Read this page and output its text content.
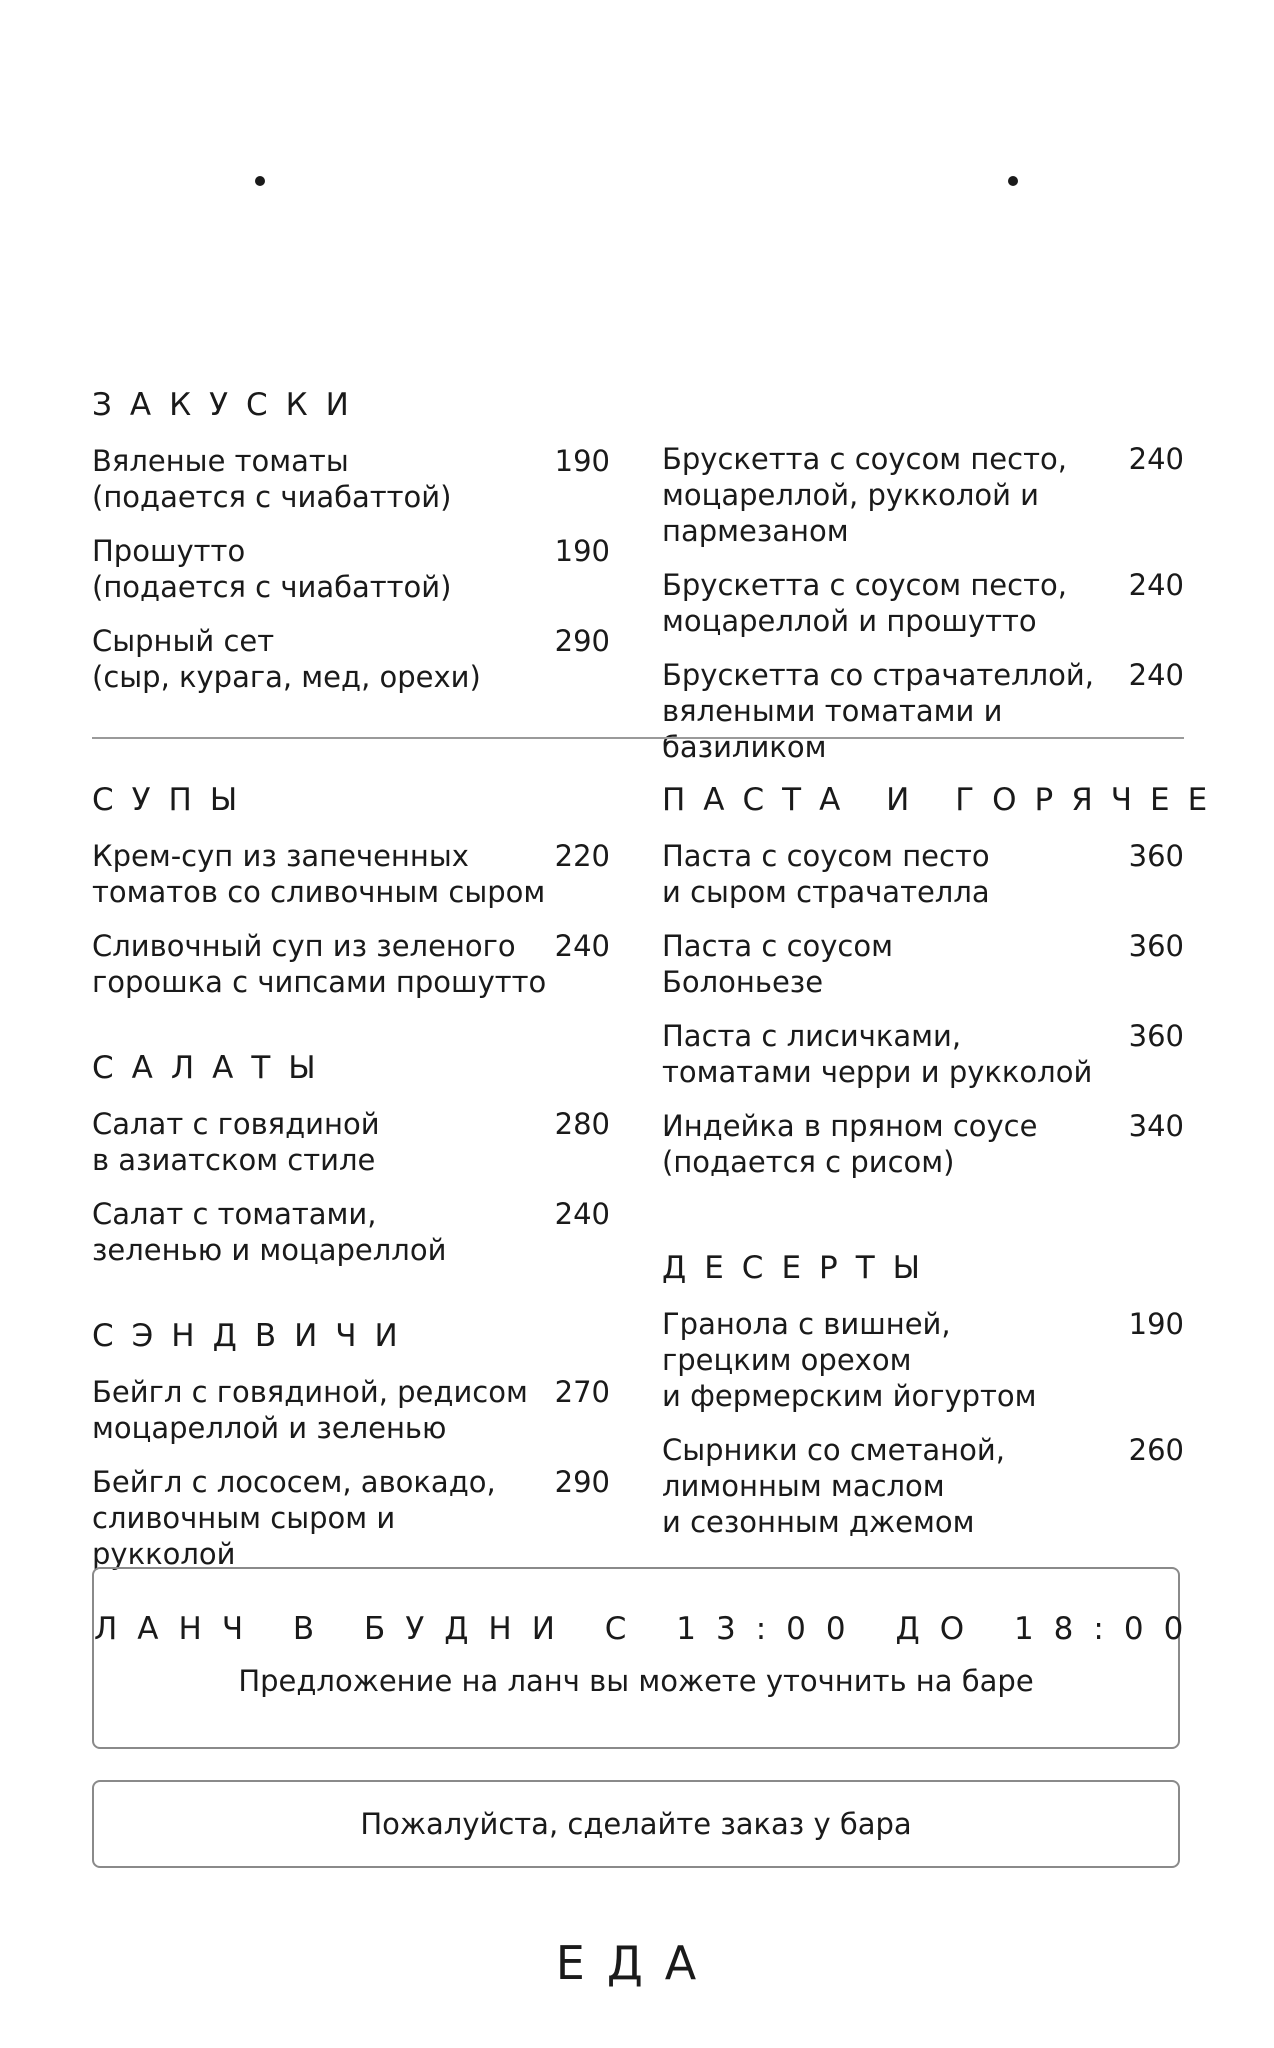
ЗАКУСКИ
Вяленые томаты
(подается с чиабаттой)
190
Прошутто
(подается с чиабаттой)
190
Сырный сет
(сыр, курага, мед, орехи)
290
Брускетта с соусом песто,
моцареллой, рукколой и пармезаном
240
Брускетта с соусом песто,
моцареллой и прошутто
240
Брускетта со страчателлой,
вялеными томатами и базиликом
240
СУПЫ
Крем-суп из запеченных
томатов со сливочным сыром
220
Сливочный суп из зеленого
горошка с чипсами прошутто
240
САЛАТЫ
Салат с говядиной
в азиатском стиле
280
Салат с томатами,
зеленью и моцареллой
240
СЭНДВИЧИ
Бейгл с говядиной, редисом
моцареллой и зеленью
270
Бейгл с лососем, авокадо,
сливочным сыром и рукколой
290
ПАСТА И ГОРЯЧЕЕ
Паста с соусом песто
и сыром страчателла
360
Паста с соусом
Болоньезе
360
Паста с лисичками,
томатами черри и рукколой
360
Индейка в пряном соусе
(подается с рисом)
340
ДЕСЕРТЫ
Гранола с вишней,
грецким орехом
и фермерским йогуртом
190
Сырники со сметаной,
лимонным маслом
и сезонным джемом
260
ЛАНЧ В БУДНИ С 13:00 ДО 18:00
Предложение на ланч вы можете уточнить на баре
Пожалуйста, сделайте заказ у бара
ЕДА
